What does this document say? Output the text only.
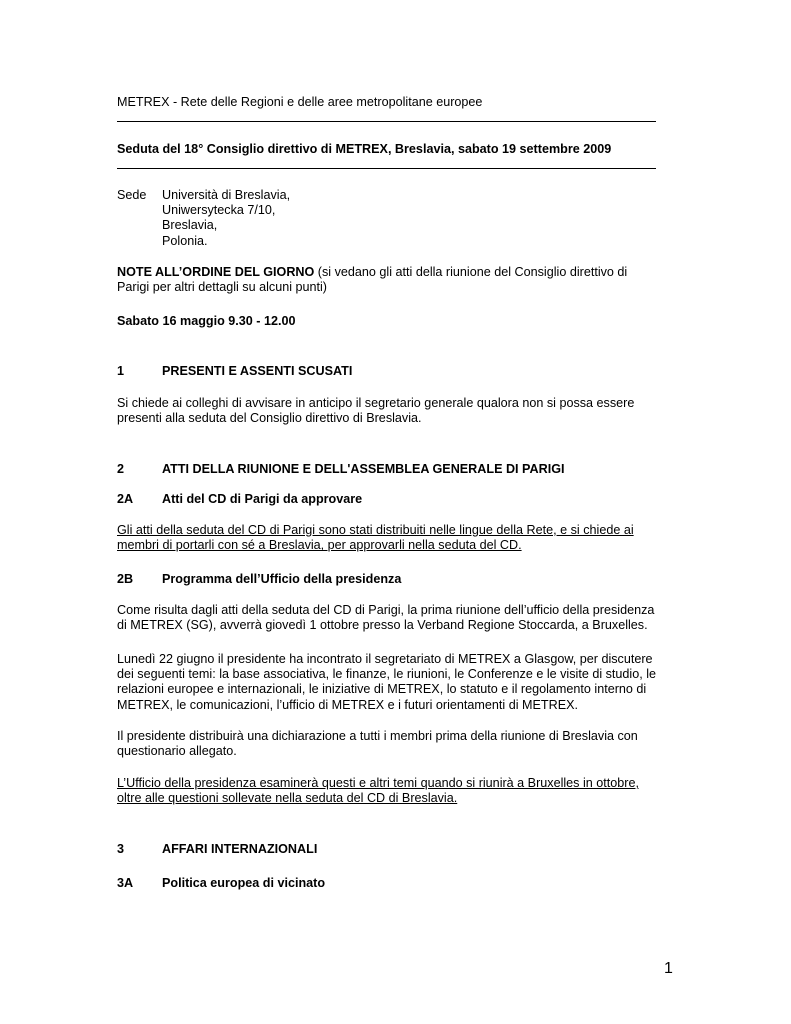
METREX - Rete delle Regioni e delle aree metropolitane europee
Seduta del 18° Consiglio direttivo di METREX, Breslavia, sabato 19 settembre 2009
Sede Università di Breslavia,
Uniwersytecka 7/10,
Breslavia,
Polonia.
NOTE ALL’ORDINE DEL GIORNO (si vedano gli atti della riunione del Consiglio direttivo di
Parigi per altri dettagli su alcuni punti)
Sabato 16 maggio 9.30 - 12.00
1	PRESENTI E ASSENTI SCUSATI
Si chiede ai colleghi di avvisare in anticipo il segretario generale qualora non si possa essere
presenti alla seduta del Consiglio direttivo di Breslavia.
2	ATTI DELLA RIUNIONE E DELL'ASSEMBLEA GENERALE DI PARIGI
2A Atti del CD di Parigi da approvare
Gli atti della seduta del CD di Parigi sono stati distribuiti nelle lingue della Rete, e si chiede ai
membri di portarli con sé a Breslavia, per approvarli nella seduta del CD.
2B Programma dell’Ufficio della presidenza
Come risulta dagli atti della seduta del CD di Parigi, la prima riunione dell’ufficio della presidenza
di METREX (SG), avverrà giovedì 1 ottobre presso la Verband Regione Stoccarda, a Bruxelles.
Lunedì 22 giugno il presidente ha incontrato il segretariato di METREX a Glasgow, per discutere
dei seguenti temi: la base associativa, le finanze, le riunioni, le Conferenze e le visite di studio, le
relazioni europee e internazionali, le iniziative di METREX, lo statuto e il regolamento interno di
METREX, le comunicazioni, l’ufficio di METREX e i futuri orientamenti di METREX.
Il presidente distribuirà una dichiarazione a tutti i membri prima della riunione di Breslavia con
questionario allegato.
L’Ufficio della presidenza esaminerà questi e altri temi quando si riunirà a Bruxelles in ottobre,
oltre alle questioni sollevate nella seduta del CD di Breslavia.
3	AFFARI INTERNAZIONALI
3A Politica europea di vicinato
1
